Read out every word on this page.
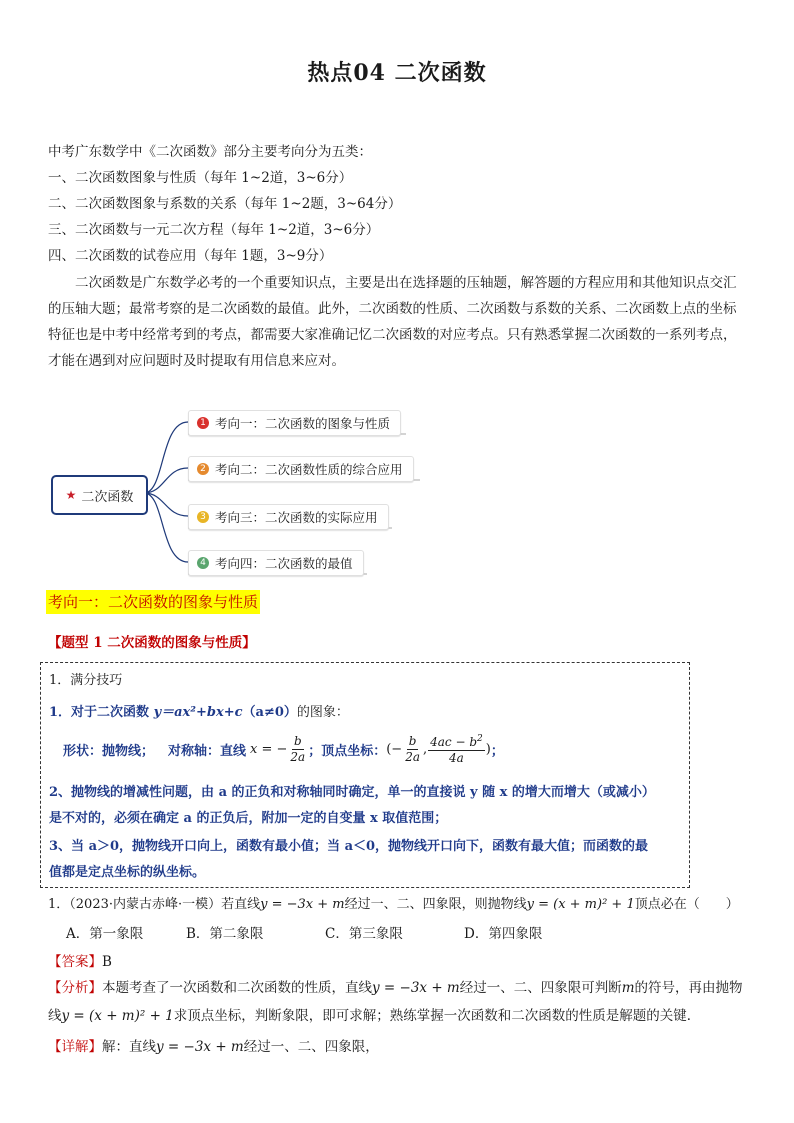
热点04 二次函数
中考广东数学中《二次函数》部分主要考向分为五类：
一、二次函数图象与性质（每年 1~2道，3~6分）
二、二次函数图象与系数的关系（每年 1~2题，3~64分）
三、二次函数与一元二次方程（每年 1~2道，3~6分）
四、二次函数的试卷应用（每年 1题，3~9分）
二次函数是广东数学必考的一个重要知识点，主要是出在选择题的压轴题，解答题的方程应用和其他知识点交汇的压轴大题；最常考察的是二次函数的最值。此外，二次函数的性质、二次函数与系数的关系、二次函数上点的坐标特征也是中考中经常考到的考点，都需要大家准确记忆二次函数的对应考点。只有熟悉掌握二次函数的一系列考点，才能在遇到对应问题时及时提取有用信息来应对。
★ 二次函数
1 考向一：二次函数的图象与性质
2 考向二：二次函数性质的综合应用
3 考向三：二次函数的实际应用
4 考向四：二次函数的最值
考向一：二次函数的图象与性质
【题型 1 二次函数的图象与性质】
1．满分技巧
1．对于二次函数 y＝ax²+bx+c（a≠0）的图象：
形状：抛物线； 对称轴：直线 x = − $\frac{b}{2a}$ ；顶点坐标： (− $\frac{b}{2a}$ , $\frac{4ac - b^2}{4a}$ ) ；
2、抛物线的增减性问题，由 a 的正负和对称轴同时确定，单一的直接说 y 随 x 的增大而增大（或减小）
是不对的，必须在确定 a 的正负后，附加一定的自变量 x 取值范围；
3、当 a＞0，抛物线开口向上，函数有最小值；当 a＜0，抛物线开口向下，函数有最大值；而函数的最
值都是定点坐标的纵坐标。
1．（2023·内蒙古赤峰·一模）若直线y = −3x + m经过一、二、四象限，则抛物线y = (x + m)² + 1顶点必在（　　）
A．第一象限	B．第二象限	C．第三象限	D．第四象限
【答案】B
【分析】本题考查了一次函数和二次函数的性质，直线y = −3x + m经过一、二、四象限可判断m的符号，再由抛物
线y = (x + m)² + 1求顶点坐标，判断象限，即可求解；熟练掌握一次函数和二次函数的性质是解题的关键．
【详解】解：直线y = −3x + m经过一、二、四象限，
